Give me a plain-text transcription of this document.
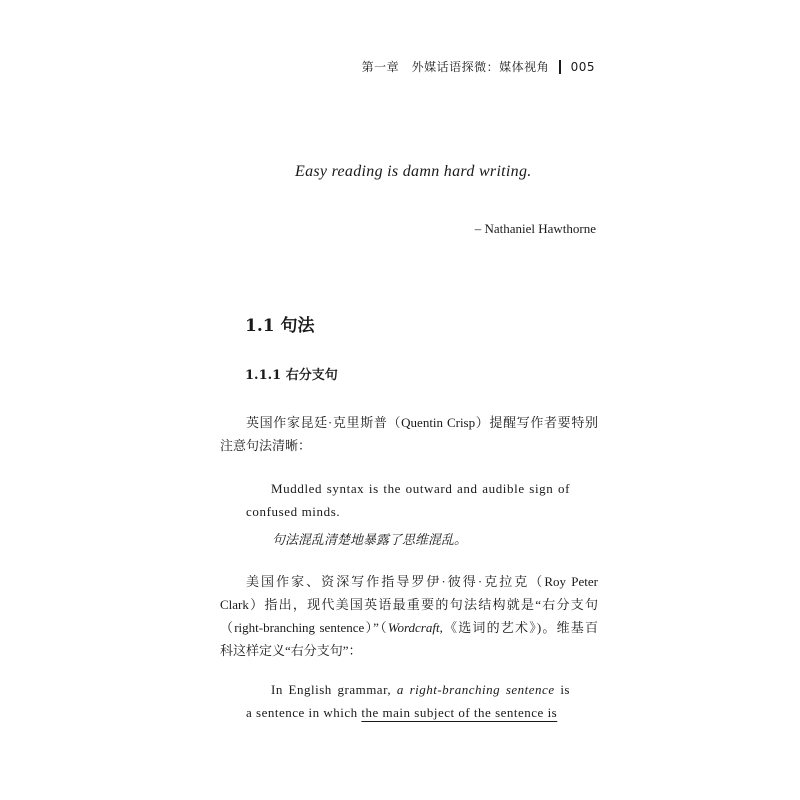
第一章　外媒话语探微：媒体视角 005
Easy reading is damn hard writing.
– Nathaniel Hawthorne
1.1 句法
1.1.1 右分支句
英国作家昆廷·克里斯普（Quentin Crisp）提醒写作者要特别
注意句法清晰：
Muddled syntax is the outward and audible sign of
confused minds.
句法混乱清楚地暴露了思维混乱。
美国作家、资深写作指导罗伊·彼得·克拉克（Roy Peter
Clark）指出，现代美国英语最重要的句法结构就是“右分支句
（right-branching sentence）”（Wordcraft,《选词的艺术》)。维基百
科这样定义“右分支句”：
In English grammar, a right-branching sentence is
a sentence in which the main subject of the sentence is
